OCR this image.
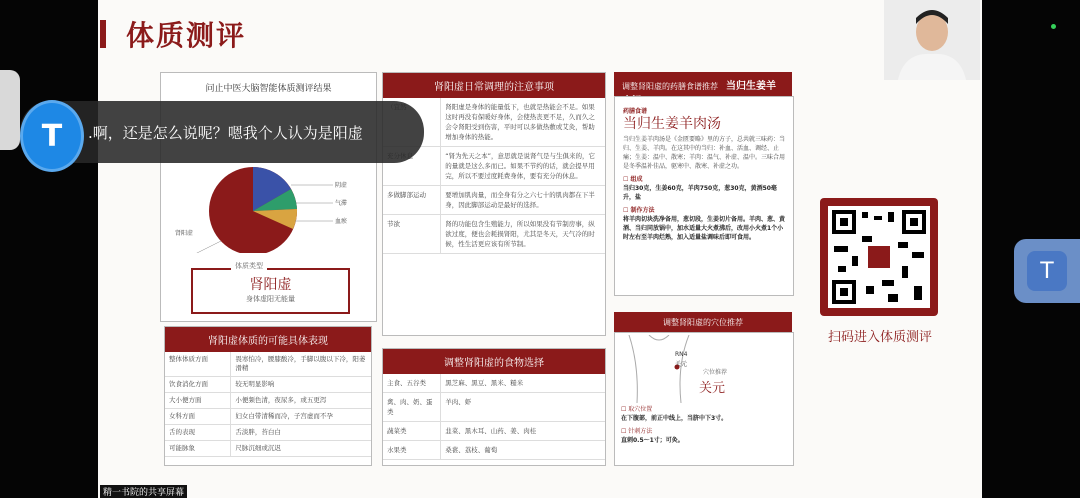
体质测评
问止中医大脑智能体质测评结果
阴虚
气滞
血瘀
肾阳虚
肾阳虚
身体虚阳无能量
体质类型
肾阳虚体质的可能具体表现
整体体质方面	畏寒怕冷，腰膝酸冷，手脚以腹以下冷，阳萎滑精
饮食消化方面	较无明显影响
大小便方面	小便频色清，夜尿多，或五更泻
女科方面	妇女白带清稀而冷，子宫虚而不孕
舌的表现	舌淡胖，苔白白
可能脉象	尺脉沉细或沉迟
肾阳虚日常调理的注意事项
	肾阳虚是身体的能量低下，也就是热能会不足。如果这时再没有保暖好身体，会使热丧更不足，久而久之会令肾阳受到伤害，平时可以多做热敷或艾灸，帮助增加身体的热能。
	“肾为先天之本”，意思就是说肾气是与生俱来的，它的量就是这么多而已。如果不节约的话，就会提早用完，所以不要过度耗费身体，要有充分的休息。
多做脚部运动	要增加肌肉量，而全身有分之六七十的肌肉都在下半身，因此脚部运动是最好的选择。
节欲	肾的功能包含生殖能力，所以如果没有节制房事，纵欲过度，便也会耗损肾阳，尤其是冬天，天气冷的时候，性生活更应该有所节制。
调整肾阳虚的食物选择
主食、五谷类	黑芝麻、黑豆、黑米、糙米
禽、肉、奶、蛋类	羊肉、虾
蔬菜类	韭菜、黑木耳、山药、姜、肉桂
水果类	桑葚、荔枝、葡萄
调整肾阳虚的药膳食谱推荐 当归生姜羊
药膳食谱
当归生姜羊肉汤
当归生姜羊肉汤是《金匮要略》里的方子，总共就三味药：当归、生姜、羊肉。在这其中的当归：补血、活血、调经、止痛；生姜：温中、散寒；羊肉：温气、补虚、温中。三味合用是冬季温补佳品，驱寒中、散寒、补虚之功。
☐ 组成
当归30克，生姜60克，羊肉750克，葱30克，黄酒50毫升，盐
☐ 制作方法
将羊肉切块洗净备用，葱切段，生姜切片备用。羊肉、葱、黄酒、当归同放锅中，加水适量大火煮沸后，改用小火煮1个小时左右至羊肉烂熟，加入适量盐调味后即可食用。
调整肾阳虚的穴位推荐
RN4
关元
穴位推荐
关元
☐ 取穴位置
在下腹部，前正中线上，当脐中下3寸。
☐ 针刺方法
直刺0.5～1寸；可灸。
扫码进入体质测评
T	.啊，还是怎么说呢？嗯我个人认为是阳虚
T
精一书院的共享屏幕
